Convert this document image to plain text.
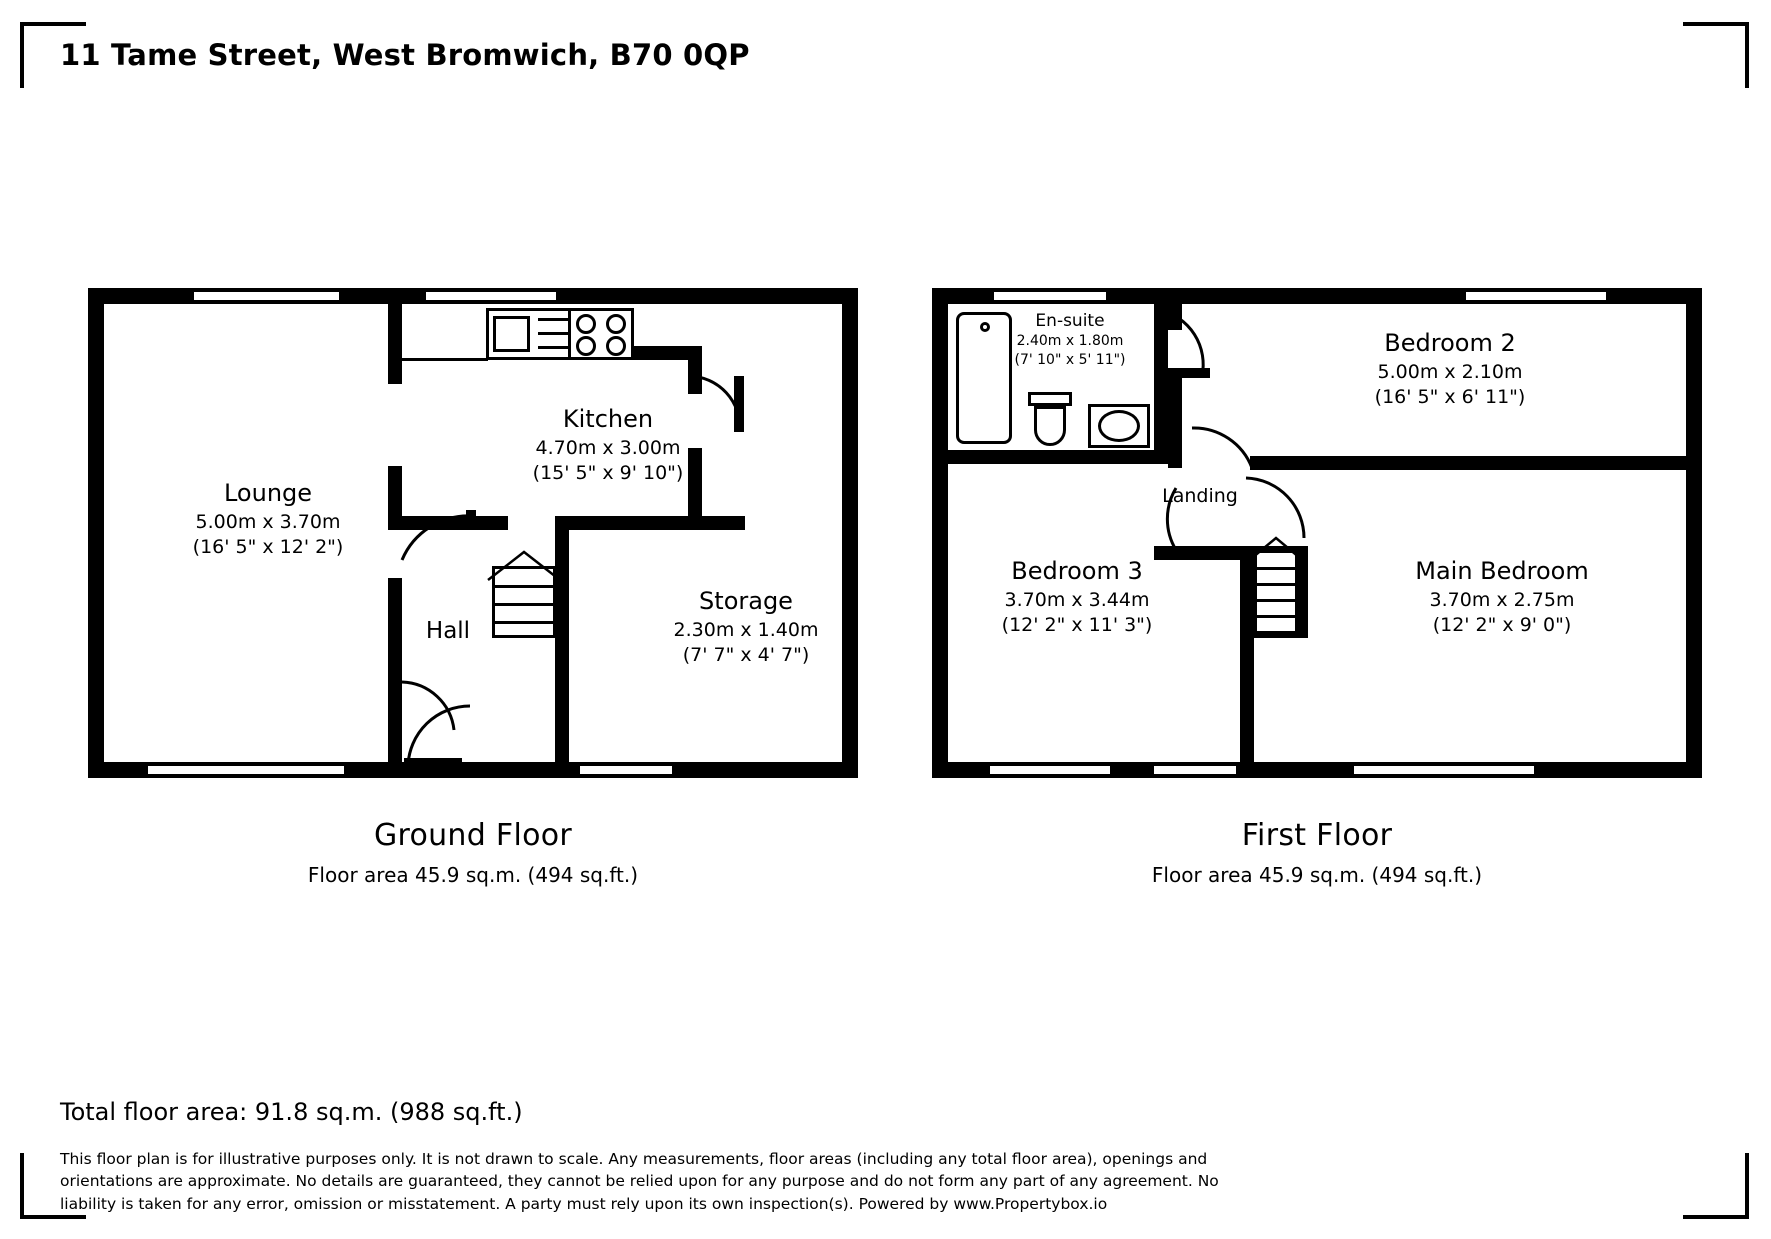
11 Tame Street, West Bromwich, B70 0QP
Lounge
5.00m x 3.70m
(16' 5" x 12' 2")
Kitchen
4.70m x 3.00m
(15' 5" x 9' 10")
Storage
2.30m x 1.40m
(7' 7" x 4' 7")
Hall
Ground Floor
Floor area 45.9 sq.m. (494 sq.ft.)
En-suite
2.40m x 1.80m
(7' 10" x 5' 11")
Bedroom 2
5.00m x 2.10m
(16' 5" x 6' 11")
Bedroom 3
3.70m x 3.44m
(12' 2" x 11' 3")
Main Bedroom
3.70m x 2.75m
(12' 2" x 9' 0")
Landing
First Floor
Floor area 45.9 sq.m. (494 sq.ft.)
Total floor area: 91.8 sq.m. (988 sq.ft.)
This floor plan is for illustrative purposes only. It is not drawn to scale. Any measurements, floor areas (including any total floor area), openings and orientations are approximate. No details are guaranteed, they cannot be relied upon for any purpose and do not form any part of any agreement. No liability is taken for any error, omission or misstatement. A party must rely upon its own inspection(s). Powered by www.Propertybox.io
